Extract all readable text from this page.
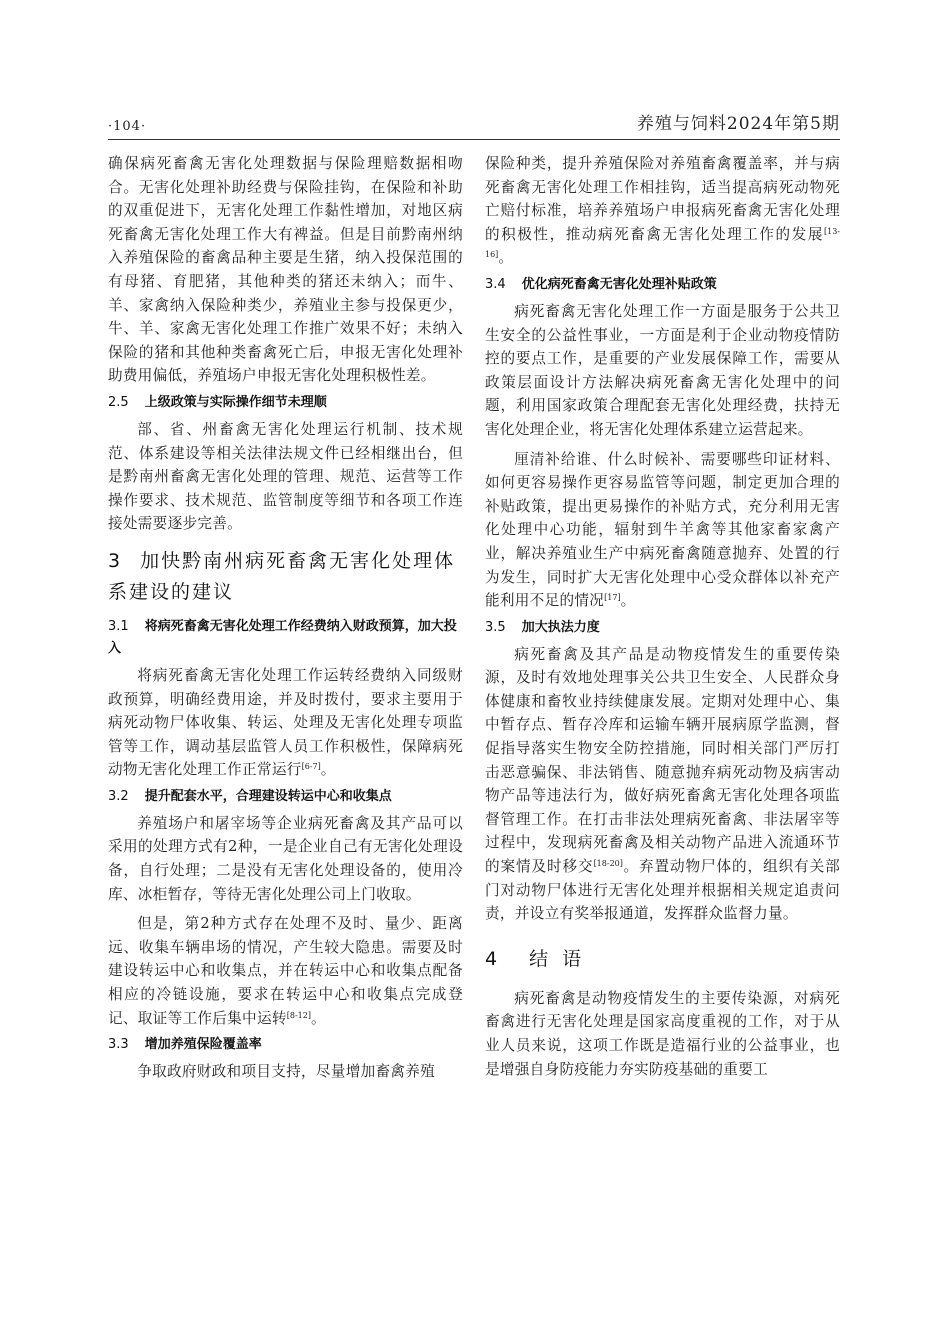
·104·	养殖与饲料2024年第5期

确保病死畜禽无害化处理数据与保险理赔数据相吻合。无害化处理补助经费与保险挂钩，在保险和补助的双重促进下，无害化处理工作黏性增加，对地区病死畜禽无害化处理工作大有裨益。但是目前黔南州纳入养殖保险的畜禽品种主要是生猪，纳入投保范围的有母猪、育肥猪，其他种类的猪还未纳入；而牛、羊、家禽纳入保险种类少，养殖业主参与投保更少，牛、羊、家禽无害化处理工作推广效果不好；未纳入保险的猪和其他种类畜禽死亡后，申报无害化处理补助费用偏低，养殖场户申报无害化处理积极性差。

2.5 上级政策与实际操作细节未理顺

部、省、州畜禽无害化处理运行机制、技术规范、体系建设等相关法律法规文件已经相继出台，但是黔南州畜禽无害化处理的管理、规范、运营等工作操作要求、技术规范、监管制度等细节和各项工作连接处需要逐步完善。

3 加快黔南州病死畜禽无害化处理体系建设的建议
3.1 将病死畜禽无害化处理工作经费纳入财政预算，加大投入

将病死畜禽无害化处理工作运转经费纳入同级财政预算，明确经费用途，并及时拨付，要求主要用于病死动物尸体收集、转运、处理及无害化处理专项监管等工作，调动基层监管人员工作积极性，保障病死动物无害化处理工作正常运行[6-7]。

3.2 提升配套水平，合理建设转运中心和收集点

养殖场户和屠宰场等企业病死畜禽及其产品可以采用的处理方式有2种，一是企业自己有无害化处理设备，自行处理；二是没有无害化处理设备的，使用冷库、冰柜暂存，等待无害化处理公司上门收取。

但是，第2种方式存在处理不及时、量少、距离远、收集车辆串场的情况，产生较大隐患。需要及时建设转运中心和收集点，并在转运中心和收集点配备相应的冷链设施，要求在转运中心和收集点完成登记、取证等工作后集中运转[8-12]。

3.3 增加养殖保险覆盖率

争取政府财政和项目支持，尽量增加畜禽养殖

保险种类，提升养殖保险对养殖畜禽覆盖率，并与病死畜禽无害化处理工作相挂钩，适当提高病死动物死亡赔付标准，培养养殖场户申报病死畜禽无害化处理的积极性，推动病死畜禽无害化处理工作的发展[13-16]。

3.4 优化病死畜禽无害化处理补贴政策

病死畜禽无害化处理工作一方面是服务于公共卫生安全的公益性事业，一方面是利于企业动物疫情防控的要点工作，是重要的产业发展保障工作，需要从政策层面设计方法解决病死畜禽无害化处理中的问题，利用国家政策合理配套无害化处理经费，扶持无害化处理企业，将无害化处理体系建立运营起来。

厘清补给谁、什么时候补、需要哪些印证材料、如何更容易操作更容易监管等问题，制定更加合理的补贴政策，提出更易操作的补贴方式，充分利用无害化处理中心功能，辐射到牛羊禽等其他家畜家禽产业，解决养殖业生产中病死畜禽随意抛弃、处置的行为发生，同时扩大无害化处理中心受众群体以补充产能利用不足的情况[17]。

3.5 加大执法力度

病死畜禽及其产品是动物疫情发生的重要传染源，及时有效地处理事关公共卫生安全、人民群众身体健康和畜牧业持续健康发展。定期对处理中心、集中暂存点、暂存冷库和运输车辆开展病原学监测，督促指导落实生物安全防控措施，同时相关部门严厉打击恶意骗保、非法销售、随意抛弃病死动物及病害动物产品等违法行为，做好病死畜禽无害化处理各项监督管理工作。在打击非法处理病死畜禽、非法屠宰等过程中，发现病死畜禽及相关动物产品进入流通环节的案情及时移交[18-20]。弃置动物尸体的，组织有关部门对动物尸体进行无害化处理并根据相关规定追责问责，并设立有奖举报通道，发挥群众监督力量。

4 结语

病死畜禽是动物疫情发生的主要传染源，对病死畜禽进行无害化处理是国家高度重视的工作，对于从业人员来说，这项工作既是造福行业的公益事业，也是增强自身防疫能力夯实防疫基础的重要工
